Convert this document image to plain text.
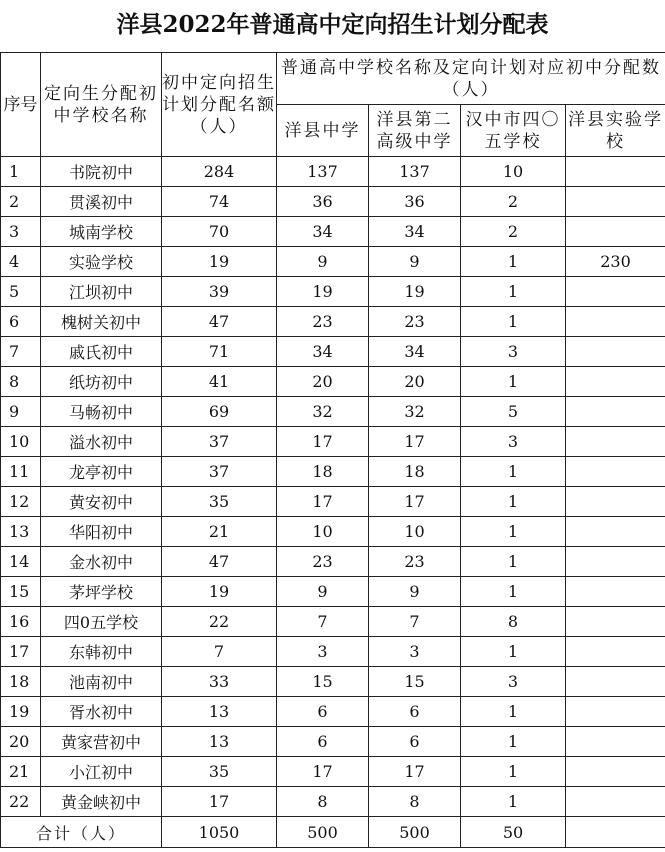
洋县2022年普通高中定向招生计划分配表
序号	定向生分配初中学校名称	初中定向招生计划分配名额（人）	普通高中学校名称及定向计划对应初中分配数（人）			
			洋县中学	洋县第二高级中学	汉中市四〇五学校	洋县实验学校
1	书院初中	284	137	137	10	
2	贯溪初中	74	36	36	2	
3	城南学校	70	34	34	2	
4	实验学校	19	9	9	1	230
5	江坝初中	39	19	19	1	
6	槐树关初中	47	23	23	1	
7	戚氏初中	71	34	34	3	
8	纸坊初中	41	20	20	1	
9	马畅初中	69	32	32	5	
10	溢水初中	37	17	17	3	
11	龙亭初中	37	18	18	1	
12	黄安初中	35	17	17	1	
13	华阳初中	21	10	10	1	
14	金水初中	47	23	23	1	
15	茅坪学校	19	9	9	1	
16	四0五学校	22	7	7	8	
17	东韩初中	7	3	3	1	
18	池南初中	33	15	15	3	
19	胥水初中	13	6	6	1	
20	黄家营初中	13	6	6	1	
21	小江初中	35	17	17	1	
22	黄金峡初中	17	8	8	1	
合计（人）		1050	500	500	50	
